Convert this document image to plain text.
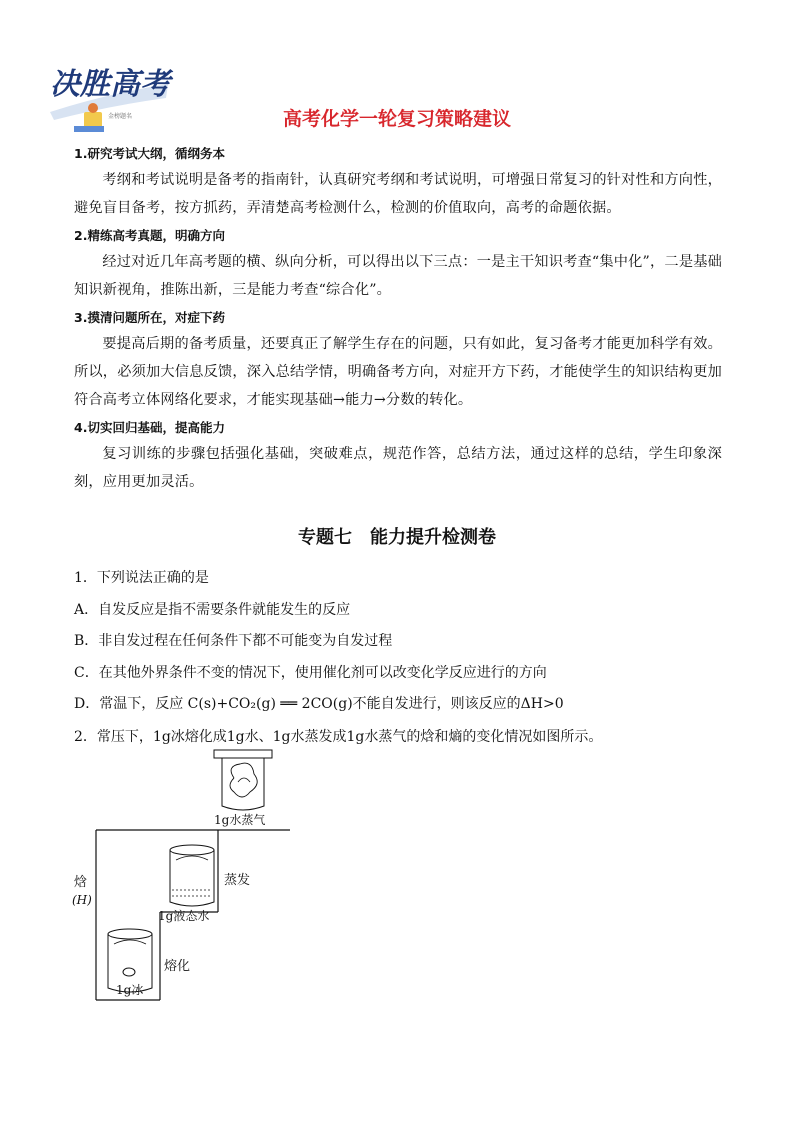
决胜高考
金榜题名	高考化学一轮复习策略建议
1.研究考试大纲，循纲务本
考纲和考试说明是备考的指南针，认真研究考纲和考试说明，可增强日常复习的针对性和方向性，避免盲目备考，按方抓药，弄清楚高考检测什么，检测的价值取向，高考的命题依据。
2.精练高考真题，明确方向
经过对近几年高考题的横、纵向分析，可以得出以下三点：一是主干知识考查“集中化”，二是基础知识新视角，推陈出新，三是能力考查“综合化”。
3.摸清问题所在，对症下药
要提高后期的备考质量，还要真正了解学生存在的问题，只有如此，复习备考才能更加科学有效。所以，必须加大信息反馈，深入总结学情，明确备考方向，对症开方下药，才能使学生的知识结构更加符合高考立体网络化要求，才能实现基础→能力→分数的转化。
4.切实回归基础，提高能力
复习训练的步骤包括强化基础，突破难点，规范作答，总结方法，通过这样的总结，学生印象深刻，应用更加灵活。
专题七　能力提升检测卷
1．下列说法正确的是
A．自发反应是指不需要条件就能发生的反应
B．非自发过程在任何条件下都不可能变为自发过程
C．在其他外界条件不变的情况下，使用催化剂可以改变化学反应进行的方向
D．常温下，反应 C(s)+CO₂(g) ══ 2CO(g)不能自发进行，则该反应的ΔH>0
2．常压下，1g冰熔化成1g水、1g水蒸发成1g水蒸气的焓和熵的变化情况如图所示。
焓
(H)
1g冰
1g液态水
1g水蒸气
熔化
蒸发
